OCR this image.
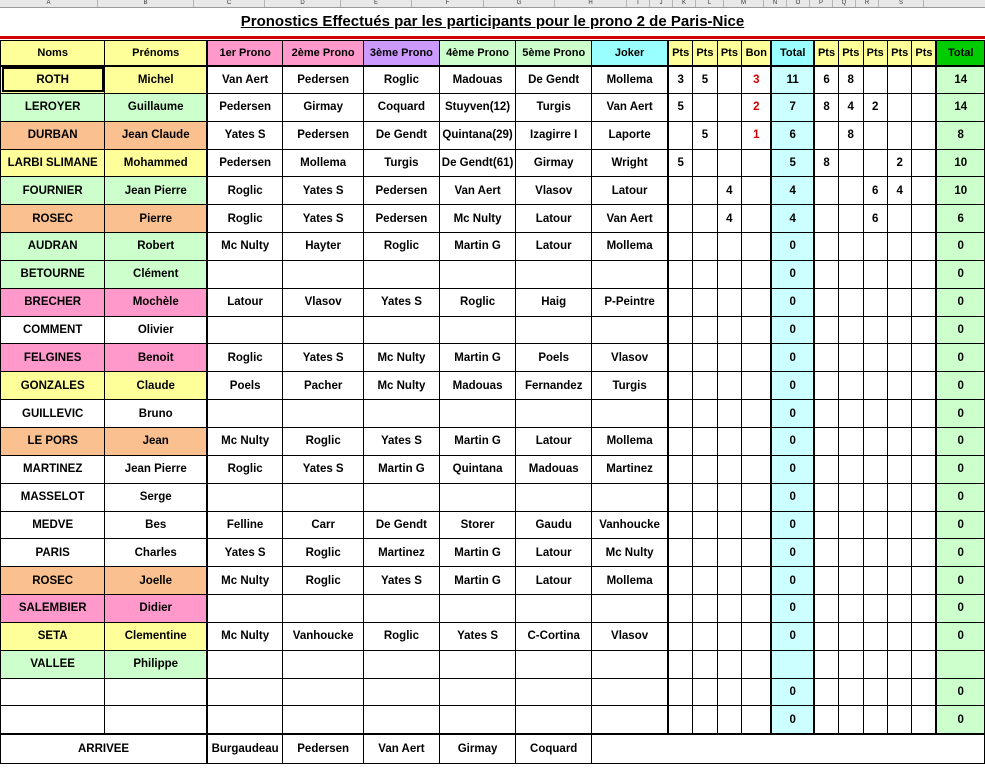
A	B	C	D	E	F	G	H	I	J	K	L	M	N	O	P	Q	R	S
Pronostics Effectués par les participants pour le prono 2 de Paris-Nice
Noms	Prénoms	1er Prono	2ème Prono	3ème Prono	4ème Prono	5ème Prono	Joker	Pts	Pts	Pts	Bon	Total	Pts	Pts	Pts	Pts	Pts	Total
ROTH	Michel	Van Aert	Pedersen	Roglic	Madouas	De Gendt	Mollema	3	5		3	11	6	8				14
LEROYER	Guillaume	Pedersen	Girmay	Coquard	Stuyven(12)	Turgis	Van Aert	5			2	7	8	4	2			14
DURBAN	Jean Claude	Yates S	Pedersen	De Gendt	Quintana(29)	Izagirre I	Laporte		5		1	6		8				8
LARBI SLIMANE	Mohammed	Pedersen	Mollema	Turgis	De Gendt(61)	Girmay	Wright	5				5	8			2		10
FOURNIER	Jean Pierre	Roglic	Yates S	Pedersen	Van Aert	Vlasov	Latour			4		4			6	4		10
ROSEC	Pierre	Roglic	Yates S	Pedersen	Mc Nulty	Latour	Van Aert			4		4			6			6
AUDRAN	Robert	Mc Nulty	Hayter	Roglic	Martin G	Latour	Mollema					0						0
BETOURNE	Clément											0						0
BRECHER	Mochèle	Latour	Vlasov	Yates S	Roglic	Haig	P-Peintre					0						0
COMMENT	Olivier											0						0
FELGINES	Benoit	Roglic	Yates S	Mc Nulty	Martin G	Poels	Vlasov					0						0
GONZALES	Claude	Poels	Pacher	Mc Nulty	Madouas	Fernandez	Turgis					0						0
GUILLEVIC	Bruno											0						0
LE PORS	Jean	Mc Nulty	Roglic	Yates S	Martin G	Latour	Mollema					0						0
MARTINEZ	Jean Pierre	Roglic	Yates S	Martin G	Quintana	Madouas	Martinez					0						0
MASSELOT	Serge											0						0
MEDVE	Bes	Felline	Carr	De Gendt	Storer	Gaudu	Vanhoucke					0						0
PARIS	Charles	Yates S	Roglic	Martinez	Martin G	Latour	Mc Nulty					0						0
ROSEC	Joelle	Mc Nulty	Roglic	Yates S	Martin G	Latour	Mollema					0						0
SALEMBIER	Didier											0						0
SETA	Clementine	Mc Nulty	Vanhoucke	Roglic	Yates S	C-Cortina	Vlasov					0						0
VALLEE	Philippe																	
												0						0
												0						0
ARRIVEE		Burgaudeau	Pedersen	Van Aert	Girmay	Coquard												
